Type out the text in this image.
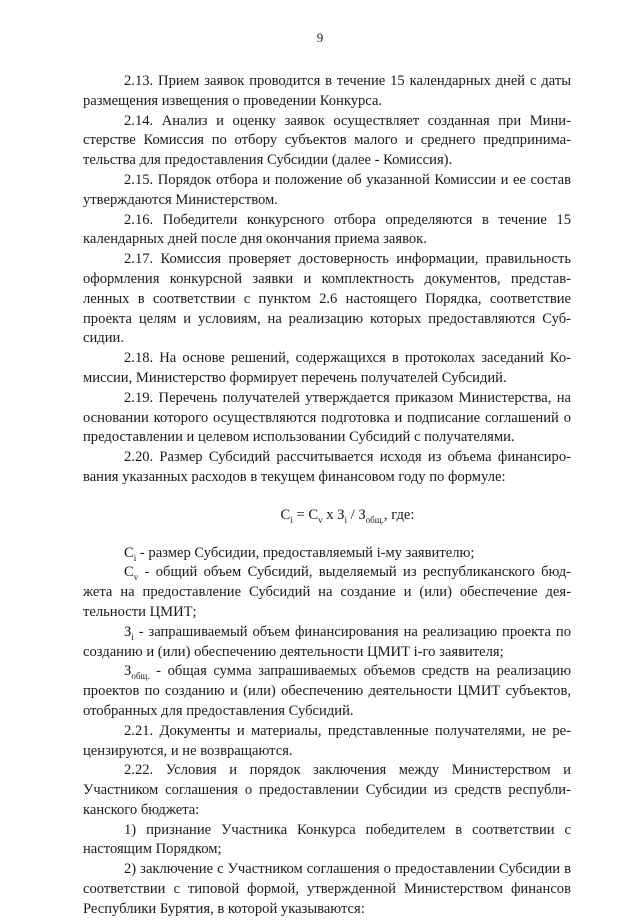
9

2.13. Прием заявок проводится в течение 15 календарных дней с даты размещения извещения о проведении Конкурса.

2.14. Анализ и оценку заявок осуществляет созданная при Министерстве Комиссия по отбору субъектов малого и среднего предпринимательства для предоставления Субсидии (далее - Комиссия).

2.15. Порядок отбора и положение об указанной Комиссии и ее состав утверждаются Министерством.

2.16. Победители конкурсного отбора определяются в течение 15 календарных дней после дня окончания приема заявок.

2.17. Комиссия проверяет достоверность информации, правильность оформления конкурсной заявки и комплектность документов, представленных в соответствии с пунктом 2.6 настоящего Порядка, соответствие проекта целям и условиям, на реализацию которых предоставляются Субсидии.

2.18. На основе решений, содержащихся в протоколах заседаний Комиссии, Министерство формирует перечень получателей Субсидий.

2.19. Перечень получателей утверждается приказом Министерства, на основании которого осуществляются подготовка и подписание соглашений о предоставлении и целевом использовании Субсидий с получателями.

2.20. Размер Субсидий рассчитывается исходя из объема финансирования указанных расходов в текущем финансовом году по формуле:

$C_i = C_v$ x $З_i / З_{общ.}$, где:

$C_i$ - размер Субсидии, предоставляемый i-му заявителю;

$C_v$ - общий объем Субсидий, выделяемый из республиканского бюджета на предоставление Субсидий на создание и (или) обеспечение деятельности ЦМИТ;

$З_i$ - запрашиваемый объем финансирования на реализацию проекта по созданию и (или) обеспечению деятельности ЦМИТ i-го заявителя;

$З_{общ.}$ - общая сумма запрашиваемых объемов средств на реализацию проектов по созданию и (или) обеспечению деятельности ЦМИТ субъектов, отобранных для предоставления Субсидий.

2.21. Документы и материалы, представленные получателями, не рецензируются, и не возвращаются.

2.22. Условия и порядок заключения между Министерством и Участником соглашения о предоставлении Субсидии из средств республиканского бюджета:

1) признание Участника Конкурса победителем в соответствии с настоящим Порядком;

2) заключение с Участником соглашения о предоставлении Субсидии в соответствии с типовой формой, утвержденной Министерством финансов Республики Бурятия, в которой указываются:
